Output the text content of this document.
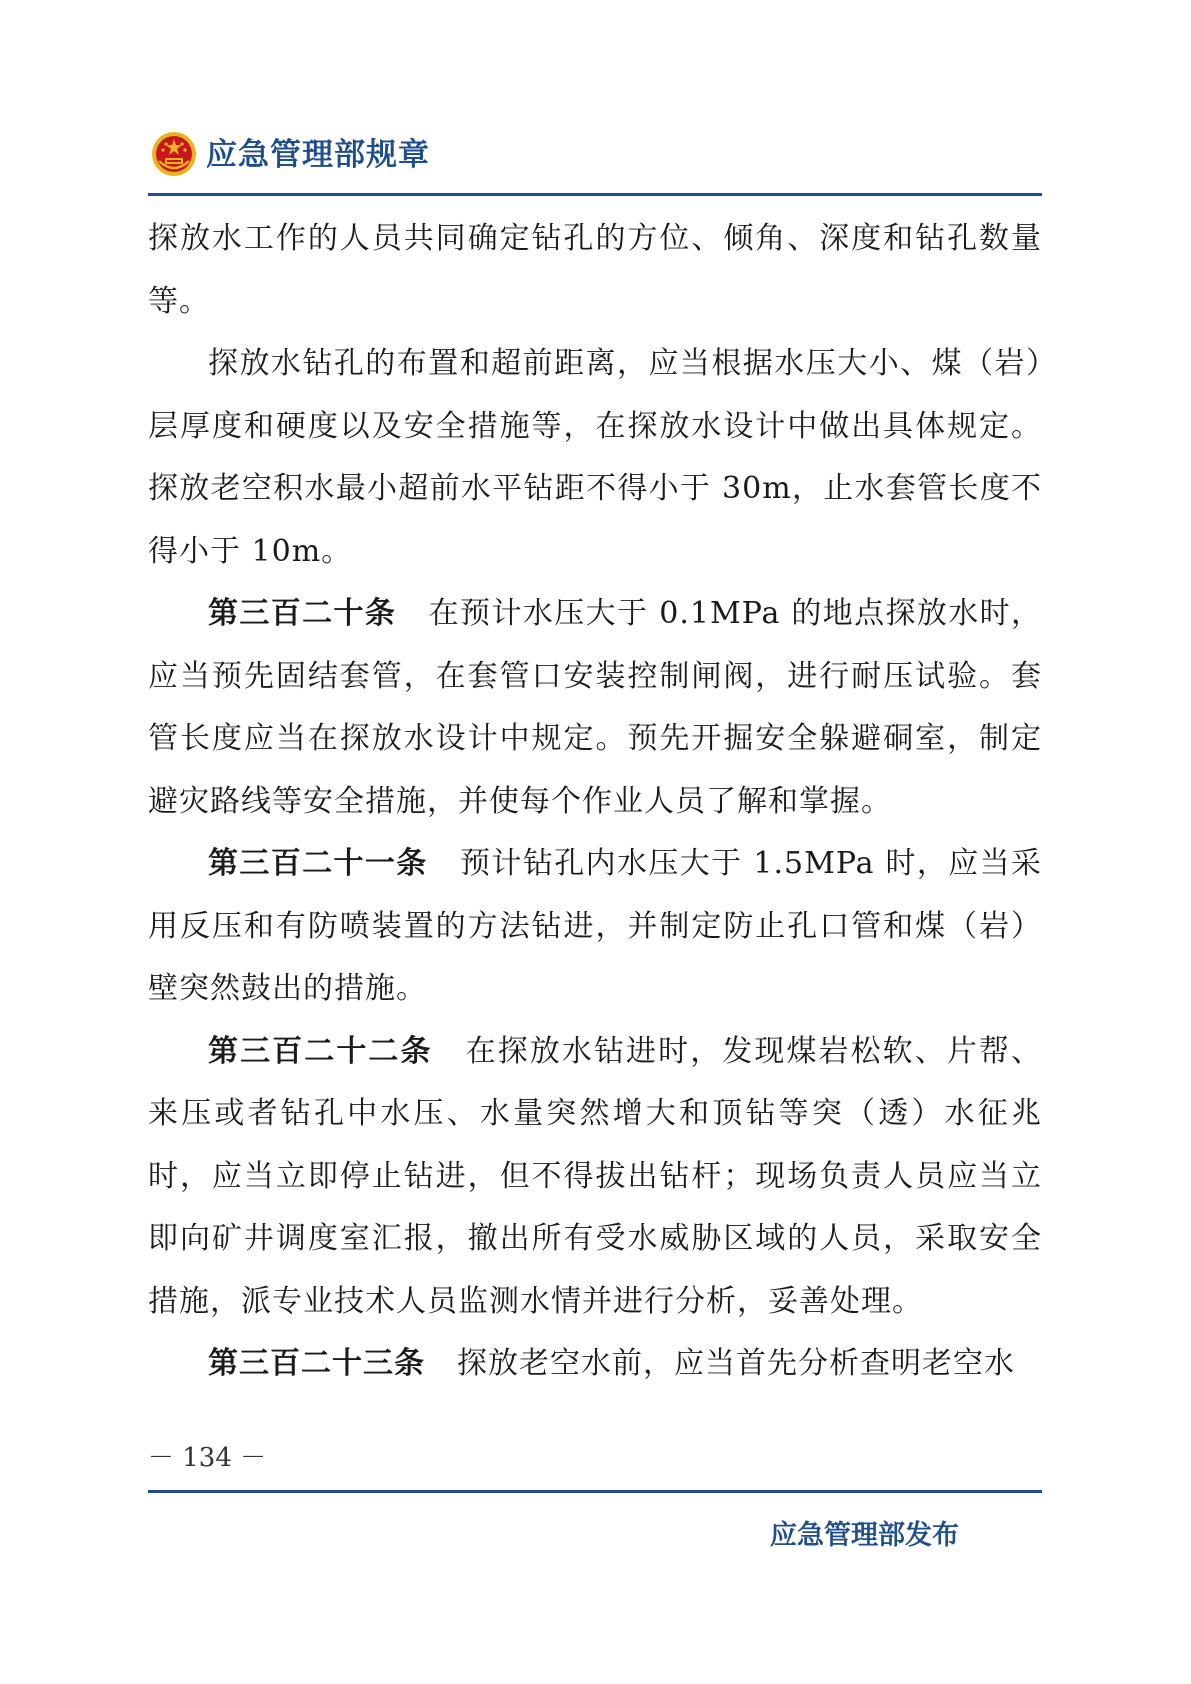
应急管理部规章

探放水工作的人员共同确定钻孔的方位、倾角、深度和钻孔数量等。

探放水钻孔的布置和超前距离，应当根据水压大小、煤（岩）层厚度和硬度以及安全措施等，在探放水设计中做出具体规定。探放老空积水最小超前水平钻距不得小于 30m，止水套管长度不得小于 10m。

第三百二十条 在预计水压大于 0.1MPa 的地点探放水时，应当预先固结套管，在套管口安装控制闸阀，进行耐压试验。套管长度应当在探放水设计中规定。预先开掘安全躲避硐室，制定避灾路线等安全措施，并使每个作业人员了解和掌握。

第三百二十一条 预计钻孔内水压大于 1.5MPa 时，应当采用反压和有防喷装置的方法钻进，并制定防止孔口管和煤（岩）壁突然鼓出的措施。

第三百二十二条 在探放水钻进时，发现煤岩松软、片帮、来压或者钻孔中水压、水量突然增大和顶钻等突（透）水征兆时，应当立即停止钻进，但不得拔出钻杆；现场负责人员应当立即向矿井调度室汇报，撤出所有受水威胁区域的人员，采取安全措施，派专业技术人员监测水情并进行分析，妥善处理。

第三百二十三条 探放老空水前，应当首先分析查明老空水

－ 134 －
应急管理部发布
